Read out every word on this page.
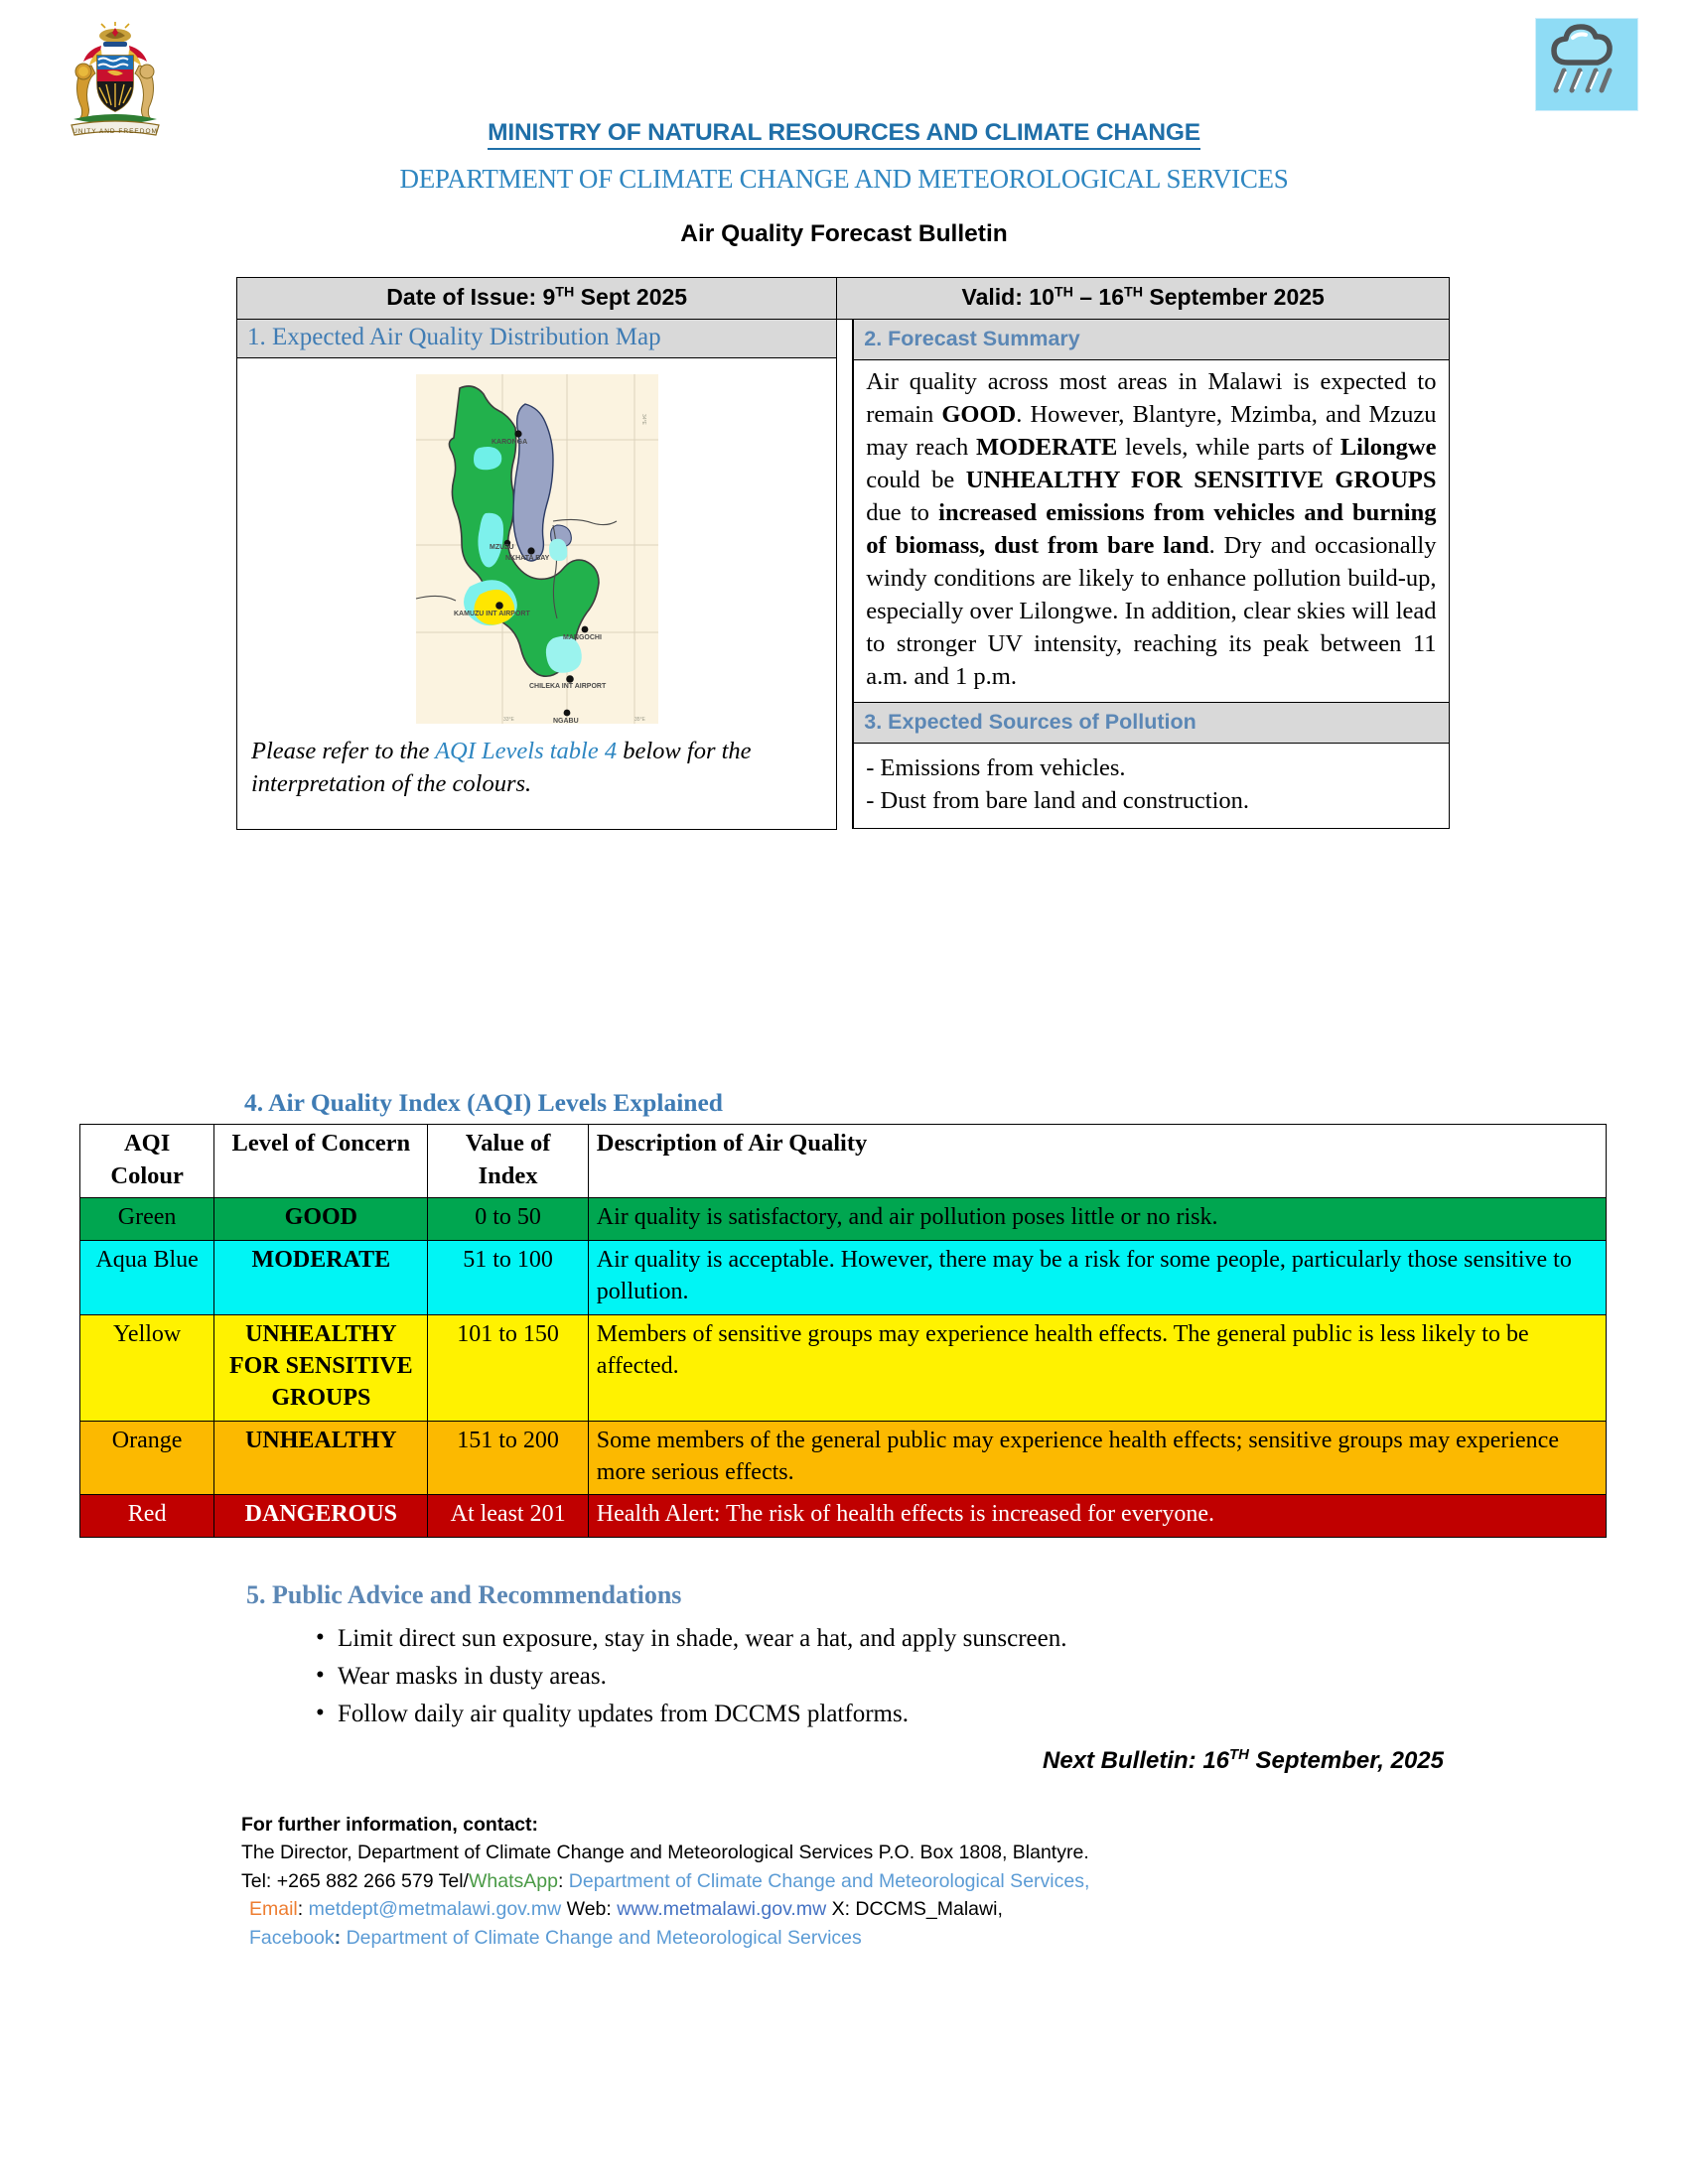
UNITY AND FREEDOM	MINISTRY OF NATURAL RESOURCES AND CLIMATE CHANGE
DEPARTMENT OF CLIMATE CHANGE AND METEOROLOGICAL SERVICES
Air Quality Forecast Bulletin
Date of Issue: 9TH Sept 2025	Valid: 10TH – 16TH September 2025

1. Expected Air Quality Distribution Map
KARONGA
MZUZU
NKHATA BAY
KAMUZU INT AIRPORT
MANGOCHI
CHILEKA INT AIRPORT
NGABU
34°E
33°E	35°E
Please refer to the AQI Levels table 4 below for the interpretation of the colours.

2. Forecast Summary
Air quality across most areas in Malawi is expected to remain GOOD. However, Blantyre, Mzimba, and Mzuzu may reach MODERATE levels, while parts of Lilongwe could be UNHEALTHY FOR SENSITIVE GROUPS due to increased emissions from vehicles and burning of biomass, dust from bare land. Dry and occasionally windy conditions are likely to enhance pollution build-up, especially over Lilongwe. In addition, clear skies will lead to stronger UV intensity, reaching its peak between 11 a.m. and 1 p.m.

3. Expected Sources of Pollution
- Emissions from vehicles.
- Dust from bare land and construction.
4. Air Quality Index (AQI) Levels Explained
AQI Colour	Level of Concern	Value of Index	Description of Air Quality
Green	GOOD	0 to 50	Air quality is satisfactory, and air pollution poses little or no risk.
Aqua Blue	MODERATE	51 to 100	Air quality is acceptable. However, there may be a risk for some people, particularly those sensitive to pollution.
Yellow	UNHEALTHY FOR SENSITIVE GROUPS	101 to 150	Members of sensitive groups may experience health effects. The general public is less likely to be affected.
Orange	UNHEALTHY	151 to 200	Some members of the general public may experience health effects; sensitive groups may experience more serious effects.
Red	DANGEROUS	At least 201	Health Alert: The risk of health effects is increased for everyone.
5. Public Advice and Recommendations
• Limit direct sun exposure, stay in shade, wear a hat, and apply sunscreen.
• Wear masks in dusty areas.
• Follow daily air quality updates from DCCMS platforms.
Next Bulletin: 16TH September, 2025
For further information, contact:
The Director, Department of Climate Change and Meteorological Services P.O. Box 1808, Blantyre.
Tel: +265 882 266 579 Tel/WhatsApp: Department of Climate Change and Meteorological Services,
Email: metdept@metmalawi.gov.mw Web: www.metmalawi.gov.mw X: DCCMS_Malawi,
Facebook: Department of Climate Change and Meteorological Services
